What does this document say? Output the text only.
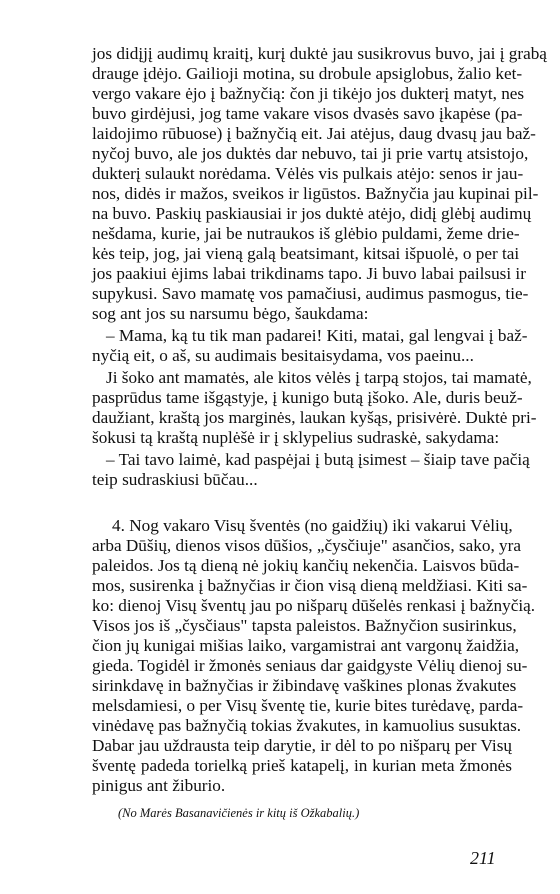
jos didįjį audimų kraitį, kurį duktė jau susikrovus buvo, jai į grabą
drauge įdėjo. Gailioji motina, su drobule apsiglobus, žalio ket-
vergo vakare ėjo į bažnyčią: čon ji tikėjo jos dukterį matyt, nes
buvo girdėjusi, jog tame vakare visos dvasės savo įkapėse (pa-
laidojimo rūbuose) į bažnyčią eit. Jai atėjus, daug dvasų jau baž-
nyčoj buvo, ale jos duktės dar nebuvo, tai ji prie vartų atsistojo,
dukterį sulaukt norėdama. Vėlės vis pulkais atėjo: senos ir jau-
nos, didės ir mažos, sveikos ir ligūstos. Bažnyčia jau kupinai pil-
na buvo. Paskių paskiausiai ir jos duktė atėjo, didį glėbį audimų
nešdama, kurie, jai be nutraukos iš glėbio puldami, žeme drie-
kės teip, jog, jai vieną galą beatsimant, kitsai išpuolė, o per tai
jos paakiui ėjims labai trikdinams tapo. Ji buvo labai pailsusi ir
supykusi. Savo mamatę vos pamačiusi, audimus pasmogus, tie-
sog ant jos su narsumu bėgo, šaukdama:
– Mama, ką tu tik man padarei! Kiti, matai, gal lengvai į baž-
nyčią eit, o aš, su audimais besitaisydama, vos paeinu...
Ji šoko ant mamatės, ale kitos vėlės į tarpą stojos, tai mamatė,
pasprūdus tame išgąstyje, į kunigo butą įšoko. Ale, duris beuž-
daužiant, kraštą jos marginės, laukan kyšąs, prisivėrė. Duktė pri-
šokusi tą kraštą nuplėšė ir į sklypelius sudraskė, sakydama:
– Tai tavo laimė, kad paspėjai į butą įsimest – šiaip tave pačią
teip sudraskiusi būčau...
4. Nog vakaro Visų šventės (no gaidžių) iki vakarui Vėlių,
arba Dūšių, dienos visos dūšios, „čysčiuje" asančios, sako, yra
paleidos. Jos tą dieną nė jokių kančių nekenčia. Laisvos būda-
mos, susirenka į bažnyčias ir čion visą dieną meldžiasi. Kiti sa-
ko: dienoj Visų šventų jau po nišparų dūšelės renkasi į bažnyčią.
Visos jos iš „čysčiaus" tapsta paleistos. Bažnyčion susirinkus,
čion jų kunigai mišias laiko, vargamistrai ant vargonų žaidžia,
gieda. Togidėl ir žmonės seniaus dar gaidgyste Vėlių dienoj su-
sirinkdavę in bažnyčias ir žibindavę vaškines plonas žvakutes
melsdamiesi, o per Visų šventę tie, kurie bites turėdavę, parda-
vinėdavę pas bažnyčią tokias žvakutes, in kamuolius susuktas.
Dabar jau uždrausta teip darytie, ir dėl to po nišparų per Visų
šventę padeda torielką prieš katapelį, in kurian meta žmonės
pinigus ant žiburio.
(No Marės Basanavičienės ir kitų iš Ožkabalių.)
211
